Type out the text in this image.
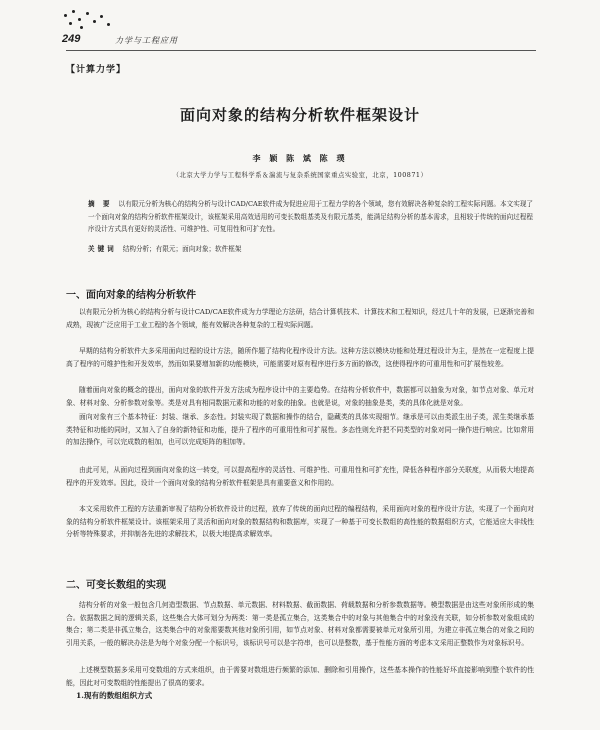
249	力学与工程应用
【计算力学】
面向对象的结构分析软件框架设计
李 颖 陈 斌 陈 璞
（北京大学力学与工程科学系＆湍流与复杂系统国家重点实验室，北京，100871）
摘 要 以有限元分析为核心的结构分析与设计CAD/CAE软件成为促进应用于工程力学的各个领域，您有效解决各种复杂的工程实际问题。本文实现了一个面向对象的结构分析软件框架设计，该框架采用高效适用的可变长数组基类及有限元基类，能满足结构分析的基本需求，且相较于传统的面向过程程序设计方式具有更好的灵活性、可维护性、可复用性和可扩充性。
关键词 结构分析；有限元；面向对象；软件框架
一、面向对象的结构分析软件

以有限元分析为核心的结构分析与设计CAD/CAE软件成为力学理论方法研，结合计算机技术、计算技术和工程知识，经过几十年的发展，已逐渐完善和成熟，现被广泛应用于工业工程的各个领域，能有效解决各种复杂的工程实际问题。

早期的结构分析软件大多采用面向过程的设计方法，随所作题了结构化程序设计方法。这种方法以模块功能和处理过程设计为主，是然在一定程度上提高了程序的可维护性和开发效率，然而如果要增加新的功能模块，可能需要对原有程序进行多方面的修改，这使得程序的可重用性和可扩展性较差。

随着面向对象的概念的提出，面向对象的软件开发方法成为程序设计中的主要趋势。在结构分析软件中，数据都可以抽象为对象，如节点对象、单元对象、材料对象、分析参数对象等。类是对具有相同数据元素和功能的对象的抽象。也就是说，对象的抽象是类，类的具体化就是对象。

面向对象有三个基本特征：封装、继承、多态性。封装实现了数据和操作的结合，隐藏类的具体实现细节。继承是可以由类派生出子类，派生类继承基类特征和功能的同时，又加入了自身的新特征和功能，提升了程序的可重用性和可扩展性。多态性则允许把不同类型的对象对同一操作进行响应。比如常用的加法操作，可以完成数的相加，也可以完成矩阵的相加等。

由此可见，从面向过程到面向对象的这一转变，可以提高程序的灵活性、可维护性、可重用性和可扩充性，降低各种程序部分关联度，从而极大地提高程序的开发效率。因此，设计一个面向对象的结构分析软件框架是具有重要意义和作用的。

本文采用软件工程的方法重新审视了结构分析软件设计的过程，放弃了传统的面向过程的编程结构，采用面向对象的程序设计方法，实现了一个面向对象的结构分析软件框架设计。该框架采用了灵活和面向对象的数据结构和数据库，实现了一种基于可变长数组的高性能的数据组织方式，它能适应大非线性分析等特殊要求，并抑制各先进的求解技术，以极大地提高求解效率。

二、可变长数组的实现

结构分析的对象一般包含几何造型数据、节点数据、单元数据、材料数据、截面数据、荷载数据和分析参数数据等。模型数据是由这些对象所形成的集合。依据数据之间的逻辑关系，这些集合大体可划分为两类：第一类是孤立集合，这类集合中的对象与其他集合中的对象没有关联，如分析参数对象组成的集合；第二类是非孤立集合，这类集合中的对象需要数其他对象所引用，如节点对象、材料对象都需要被单元对象所引用，为建立非孤立集合的对象之间的引用关系，一般的解决办法是为每个对象分配一个标识号，该标识号可以是字符串，也可以是整数，基于性能方面的考虑本文采用正整数作为对象标识号。

上述模型数据多采用可变数组的方式来组织，由于需要对数组进行频繁的添加、删除和引用操作，这些基本操作的性能好坏直接影响到整个软件的性能，因此对可变数组的性能提出了很高的要求。

1.现有的数组组织方式
